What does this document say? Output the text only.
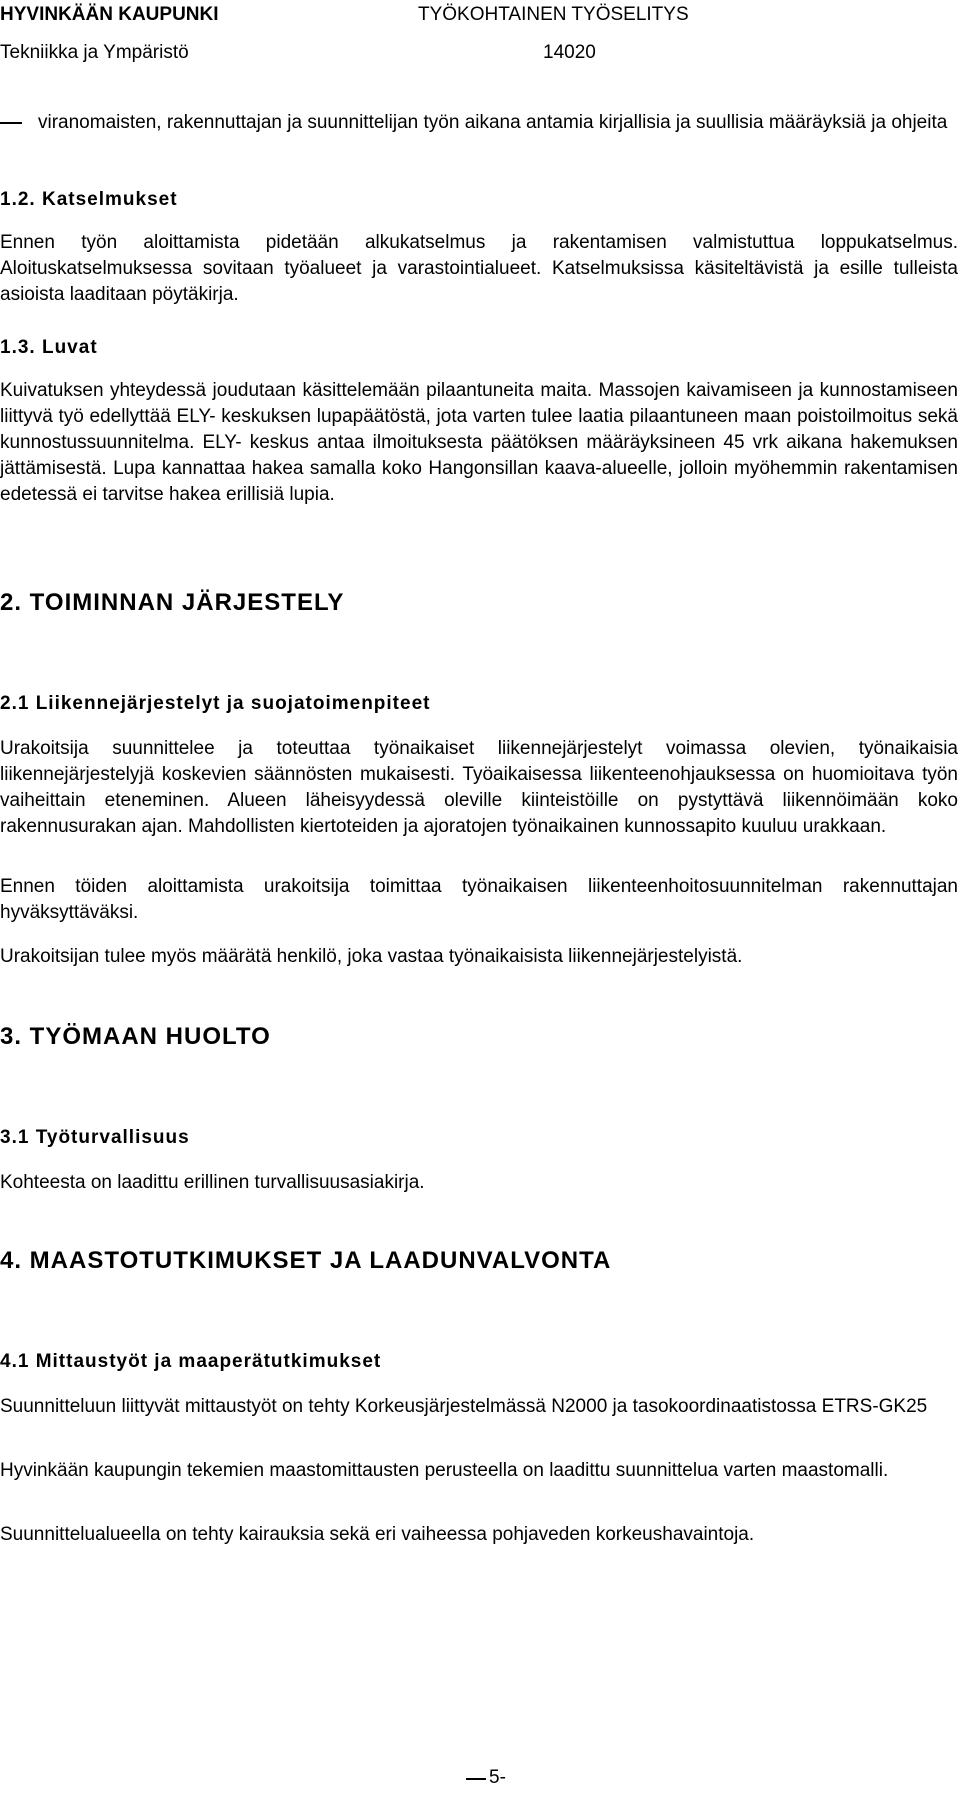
HYVINKÄÄN KAUPUNKI	TYÖKOHTAINEN TYÖSELITYS
Tekniikka ja Ympäristö	14020

viranomaisten, rakennuttajan ja suunnittelijan työn aikana antamia kirjallisia ja suullisia määräyksiä ja ohjeita

1.2. Katselmukset

Ennen työn aloittamista pidetään alkukatselmus ja rakentamisen valmistuttua loppukatselmus. Aloituskatselmuksessa sovitaan työalueet ja varastointialueet. Katselmuksissa käsiteltävistä ja esille tulleista asioista laaditaan pöytäkirja.

1.3. Luvat

Kuivatuksen yhteydessä joudutaan käsittelemään pilaantuneita maita. Massojen kaivamiseen ja kunnostamiseen liittyvä työ edellyttää ELY- keskuksen lupapäätöstä, jota varten tulee laatia pilaantuneen maan poistoilmoitus sekä kunnostussuunnitelma. ELY- keskus antaa ilmoituksesta päätöksen määräyksineen 45 vrk aikana hakemuksen jättämisestä. Lupa kannattaa hakea samalla koko Hangonsillan kaava-alueelle, jolloin myöhemmin rakentamisen edetessä ei tarvitse hakea erillisiä lupia.

2. TOIMINNAN JÄRJESTELY
2.1 Liikennejärjestelyt ja suojatoimenpiteet

Urakoitsija suunnittelee ja toteuttaa työnaikaiset liikennejärjestelyt voimassa olevien, työnaikaisia liikennejärjestelyjä koskevien säännösten mukaisesti. Työaikaisessa liikenteenohjauksessa on huomioitava työn vaiheittain eteneminen. Alueen läheisyydessä oleville kiinteistöille on pystyttävä liikennöimään koko rakennusurakan ajan. Mahdollisten kiertoteiden ja ajoratojen työnaikainen kunnossapito kuuluu urakkaan.

Ennen töiden aloittamista urakoitsija toimittaa työnaikaisen liikenteenhoitosuunnitelman rakennuttajan hyväksyttäväksi.

Urakoitsijan tulee myös määrätä henkilö, joka vastaa työnaikaisista liikennejärjestelyistä.

3. TYÖMAAN HUOLTO
3.1 Työturvallisuus

Kohteesta on laadittu erillinen turvallisuusasiakirja.

4. MAASTOTUTKIMUKSET JA LAADUNVALVONTA
4.1 Mittaustyöt ja maaperätutkimukset

Suunnitteluun liittyvät mittaustyöt on tehty Korkeusjärjestelmässä N2000 ja tasokoordinaatistossa ETRS-GK25

Hyvinkään kaupungin tekemien maastomittausten perusteella on laadittu suunnittelua varten maastomalli.

Suunnittelualueella on tehty kairauksia sekä eri vaiheessa pohjaveden korkeushavaintoja.

5-
